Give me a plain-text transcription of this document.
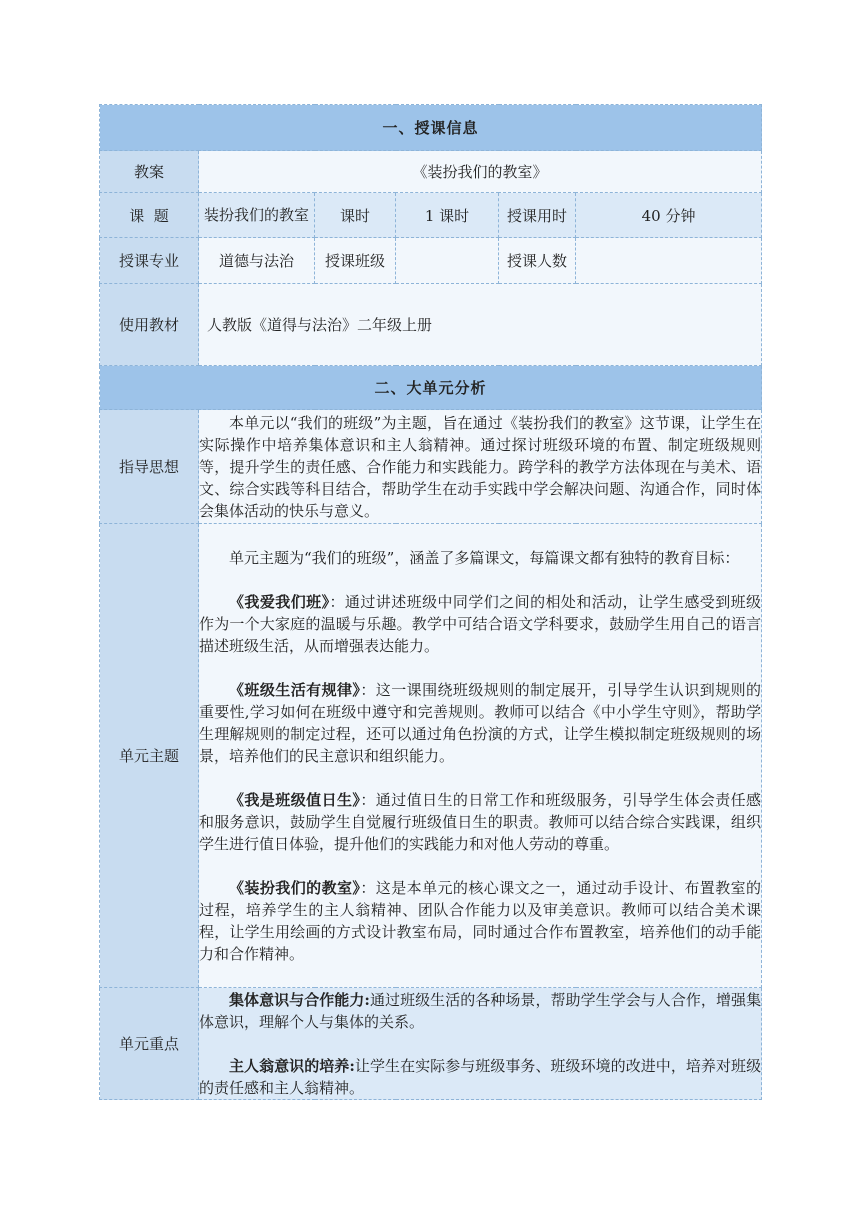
一、授课信息					
教案	《装扮我们的教室》				
课  题	装扮我们的教室	课时	1 课时	授课用时	40 分钟
授课专业	道德与法治	授课班级		授课人数	
使用教材	人教版《道得与法治》二年级上册				
二、大单元分析					
指导思想	本单元以“我们的班级”为主题，旨在通过《装扮我们的教室》这节课，让学生在实际操作中培养集体意识和主人翁精神。通过探讨班级环境的布置、制定班级规则等，提升学生的责任感、合作能力和实践能力。跨学科的教学方法体现在与美术、语文、综合实践等科目结合，帮助学生在动手实践中学会解决问题、沟通合作，同时体会集体活动的快乐与意义。				

单元主题	单元主题为“我们的班级”，涵盖了多篇课文，每篇课文都有独特的教育目标：

《我爱我们班》：通过讲述班级中同学们之间的相处和活动，让学生感受到班级作为一个大家庭的温暖与乐趣。教学中可结合语文学科要求，鼓励学生用自己的语言描述班级生活，从而增强表达能力。

《班级生活有规律》：这一课围绕班级规则的制定展开，引导学生认识到规则的重要性,学习如何在班级中遵守和完善规则。教师可以结合《中小学生守则》，帮助学生理解规则的制定过程，还可以通过角色扮演的方式，让学生模拟制定班级规则的场景，培养他们的民主意识和组织能力。

《我是班级值日生》：通过值日生的日常工作和班级服务，引导学生体会责任感和服务意识，鼓励学生自觉履行班级值日生的职责。教师可以结合综合实践课，组织学生进行值日体验，提升他们的实践能力和对他人劳动的尊重。

《装扮我们的教室》：这是本单元的核心课文之一，通过动手设计、布置教室的过程，培养学生的主人翁精神、团队合作能力以及审美意识。教师可以结合美术课程，让学生用绘画的方式设计教室布局，同时通过合作布置教室，培养他们的动手能力和合作精神。				

单元重点	集体意识与合作能力:通过班级生活的各种场景，帮助学生学会与人合作，增强集体意识，理解个人与集体的关系。

主人翁意识的培养:让学生在实际参与班级事务、班级环境的改进中，培养对班级的责任感和主人翁精神。				
